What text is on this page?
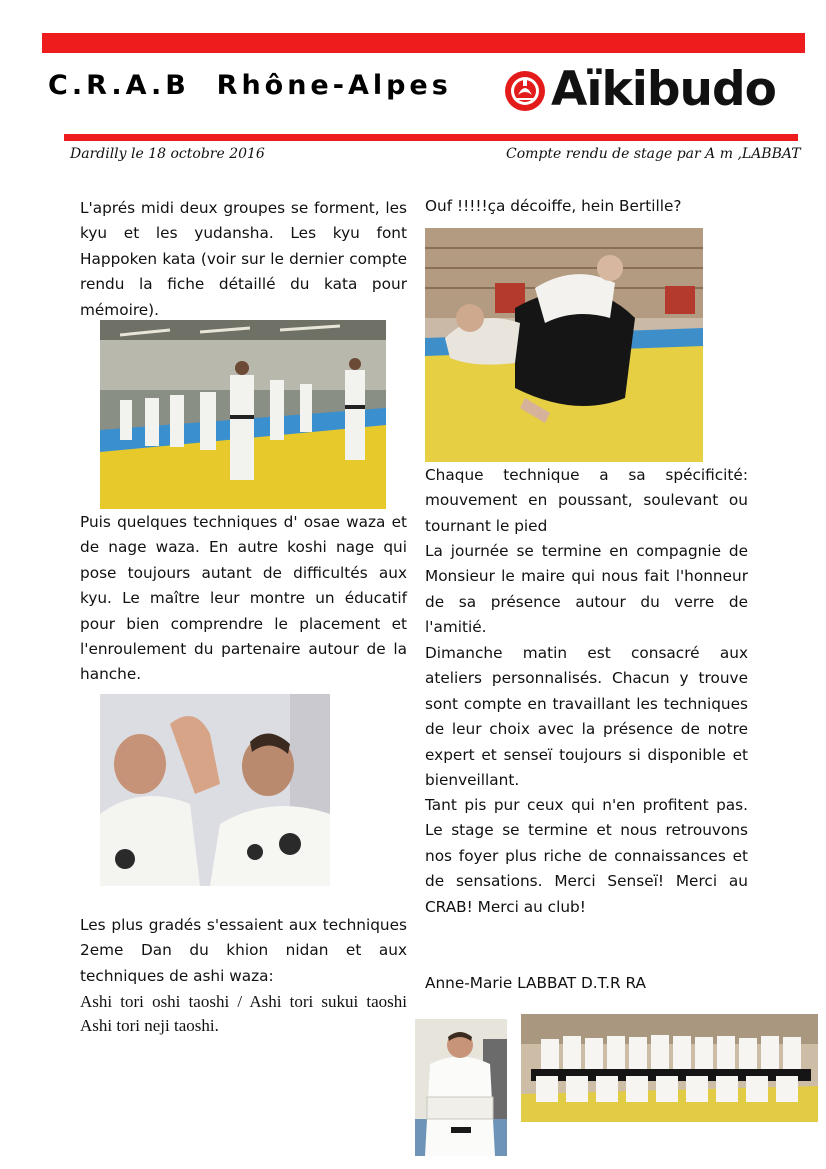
C.R.A.B  Rhône-Alpes Aïkibudo
Dardilly le 18 octobre 2016	Compte rendu de stage par A m ,LABBAT
L'aprés midi deux groupes se forment, les kyu et les yudansha. Les kyu font Happoken kata (voir sur le dernier compte rendu la fiche détaillé du kata pour mémoire).
Puis quelques techniques d' osae waza et de nage waza. En autre koshi nage qui pose toujours autant de difficultés aux kyu. Le maître leur montre un éducatif pour bien comprendre le placement et l'enroulement du partenaire autour de la hanche.
Les plus gradés s'essaient aux techniques 2eme Dan du khion nidan et aux techniques de ashi waza:
Ashi tori oshi taoshi / Ashi tori sukui taoshi Ashi tori neji taoshi.
Ouf !!!!!ça décoiffe, hein Bertille?
Chaque technique a sa spécificité: mouvement en poussant, soulevant ou tournant le pied
La journée se termine en compagnie de Monsieur le maire qui nous fait l'honneur de sa présence autour du verre de l'amitié.
Dimanche matin est consacré aux ateliers personnalisés. Chacun y trouve sont compte en travaillant les techniques de leur choix avec la présence de notre expert et senseï toujours si disponible et bienveillant.
Tant pis pur ceux qui n'en profitent pas. Le stage se termine et nous retrouvons nos foyer plus riche de connaissances et de sensations. Merci Senseï! Merci au CRAB! Merci au club!
Anne-Marie LABBAT D.T.R RA
